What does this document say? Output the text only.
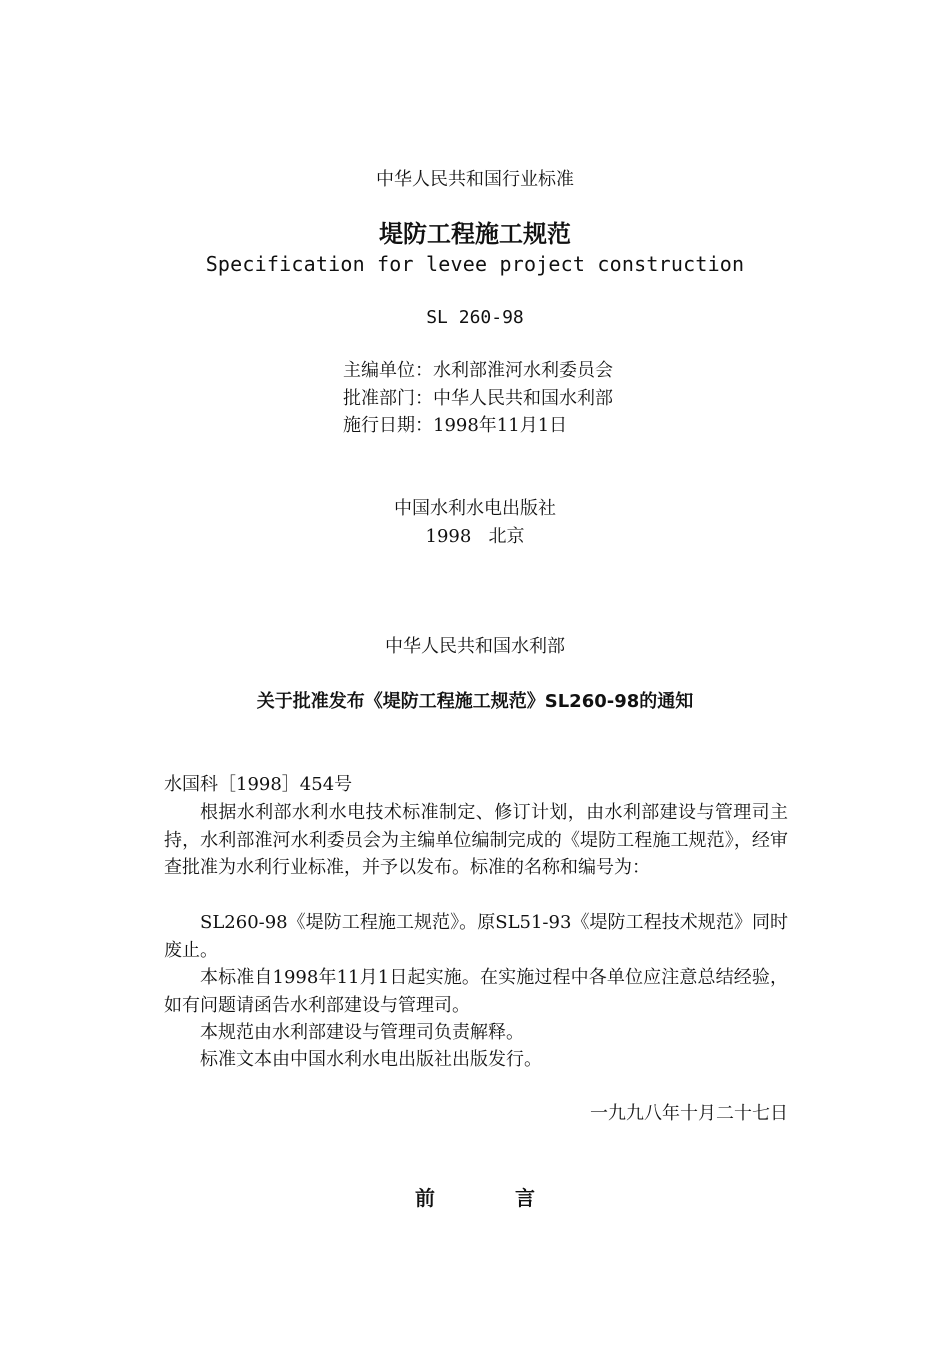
中华人民共和国行业标准
堤防工程施工规范
Specification for levee project construction
SL 260-98
主编单位：水利部淮河水利委员会
批准部门：中华人民共和国水利部
施行日期：1998年11月1日
中国水利水电出版社
1998   北京
中华人民共和国水利部
关于批准发布《堤防工程施工规范》SL260-98的通知
水国科［1998］454号
根据水利部水利水电技术标准制定、修订计划，由水利部建设与管理司主持，水利部淮河水利委员会为主编单位编制完成的《堤防工程施工规范》，经审查批准为水利行业标准，并予以发布。标准的名称和编号为：
SL260-98《堤防工程施工规范》。原SL51-93《堤防工程技术规范》同时废止。
本标准自1998年11月1日起实施。在实施过程中各单位应注意总结经验，如有问题请函告水利部建设与管理司。
本规范由水利部建设与管理司负责解释。
标准文本由中国水利水电出版社出版发行。
一九九八年十月二十七日
前言
